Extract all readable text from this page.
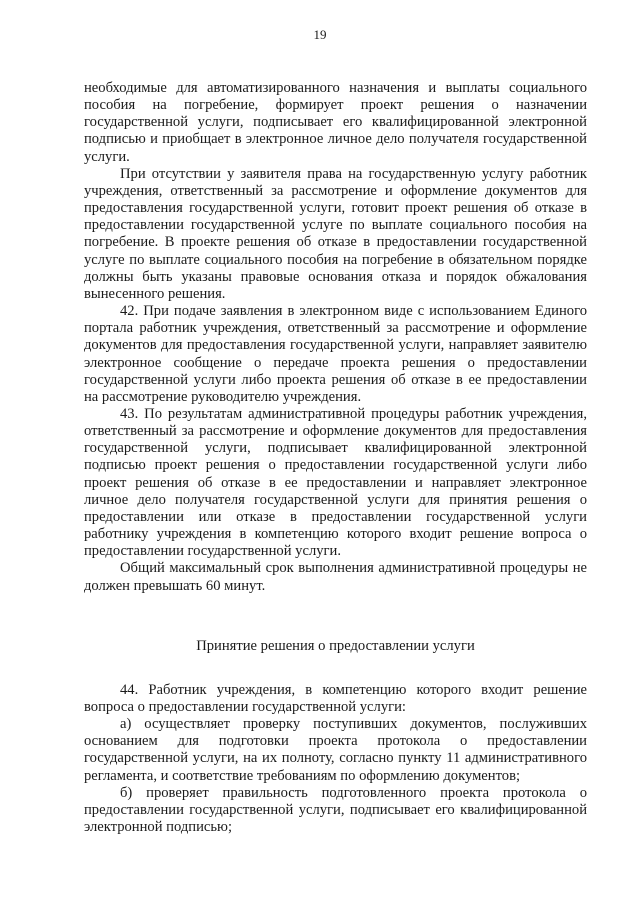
19

необходимые для автоматизированного назначения и выплаты социального пособия на погребение, формирует проект решения о назначении государственной услуги, подписывает его квалифицированной электронной подписью и приобщает в электронное личное дело получателя государственной услуги.

При отсутствии у заявителя права на государственную услугу работник учреждения, ответственный за рассмотрение и оформление документов для предоставления государственной услуги, готовит проект решения об отказе в предоставлении государственной услуге по выплате социального пособия на погребение. В проекте решения об отказе в предоставлении государственной услуге по выплате социального пособия на погребение в обязательном порядке должны быть указаны правовые основания отказа и порядок обжалования вынесенного решения.

42. При подаче заявления в электронном виде с использованием Единого портала работник учреждения, ответственный за рассмотрение и оформление документов для предоставления государственной услуги, направляет заявителю электронное сообщение о передаче проекта решения о предоставлении государственной услуги либо проекта решения об отказе в ее предоставлении на рассмотрение руководителю учреждения.

43. По результатам административной процедуры работник учреждения, ответственный за рассмотрение и оформление документов для предоставления государственной услуги, подписывает квалифицированной электронной подписью проект решения о предоставлении государственной услуги либо проект решения об отказе в ее предоставлении и направляет электронное личное дело получателя государственной услуги для принятия решения о предоставлении или отказе в предоставлении государственной услуги работнику учреждения в компетенцию которого входит решение вопроса о предоставлении государственной услуги.

Общий максимальный срок выполнения административной процедуры не должен превышать 60 минут.

Принятие решения о предоставлении услуги

44. Работник учреждения, в компетенцию которого входит решение вопроса о предоставлении государственной услуги:

а) осуществляет проверку поступивших документов, послуживших основанием для подготовки проекта протокола о предоставлении государственной услуги, на их полноту, согласно пункту 11 административного регламента, и соответствие требованиям по оформлению документов;

б) проверяет правильность подготовленного проекта протокола о предоставлении государственной услуги, подписывает его квалифицированной электронной подписью;
